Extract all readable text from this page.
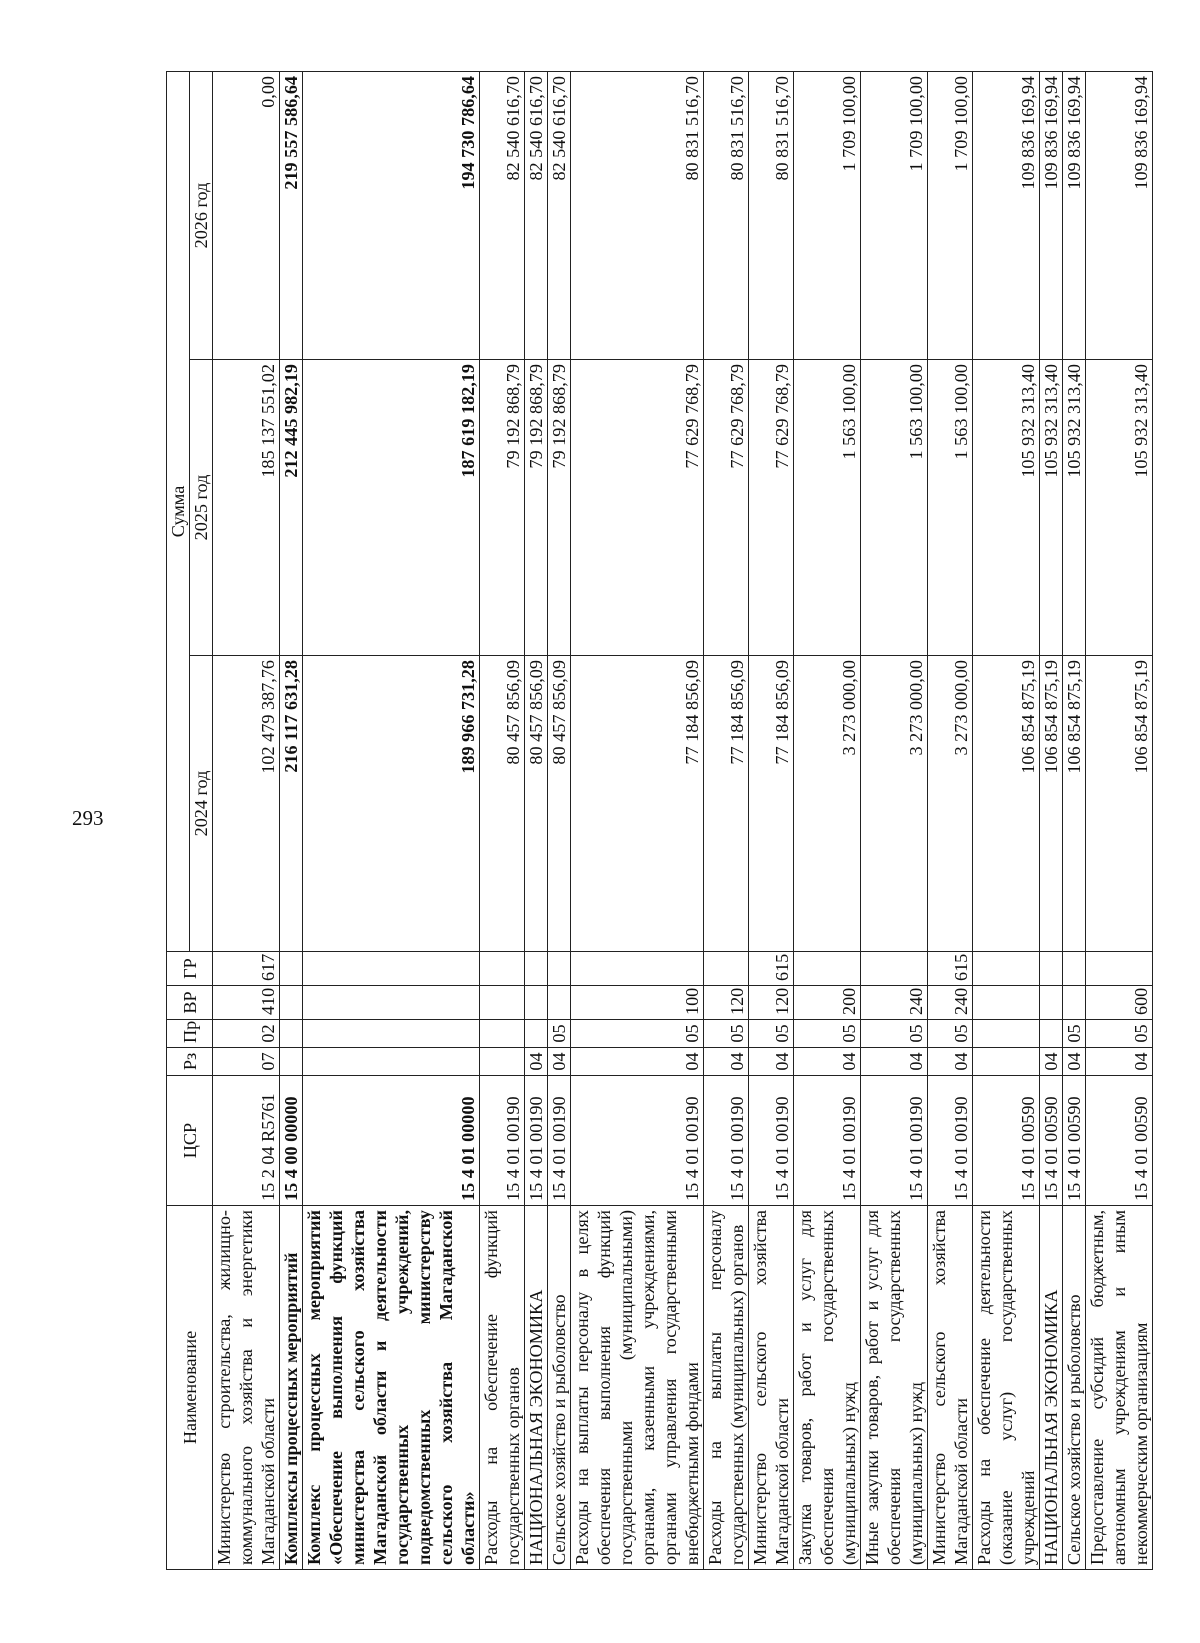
293
Наименование	ЦСР	Рз	Пр	ВР	ГР	Сумма		
						2024 год	2025 год	2026 год
Министерство строительства, жилищно-коммунального хозяйства и энергетики Магаданской области	15 2 04 R5761	07	02	410	617	102 479 387,76	185 137 551,02	0,00
Комплексы процессных мероприятий	15 4 00 00000					216 117 631,28	212 445 982,19	219 557 586,64
Комплекс процессных мероприятий «Обеспечение выполнения функций министерства сельского хозяйства Магаданской области и деятельности государственных учреждений, подведомственных министерству сельского хозяйства Магаданской области»	15 4 01 00000					189 966 731,28	187 619 182,19	194 730 786,64
Расходы на обеспечение функций государственных органов	15 4 01 00190					80 457 856,09	79 192 868,79	82 540 616,70
НАЦИОНАЛЬНАЯ ЭКОНОМИКА	15 4 01 00190	04				80 457 856,09	79 192 868,79	82 540 616,70
Сельское хозяйство и рыболовство	15 4 01 00190	04	05			80 457 856,09	79 192 868,79	82 540 616,70
Расходы на выплаты персоналу в целях обеспечения выполнения функций государственными (муниципальными) органами, казенными учреждениями, органами управления государственными внебюджетными фондами	15 4 01 00190	04	05	100		77 184 856,09	77 629 768,79	80 831 516,70
Расходы на выплаты персоналу государственных (муниципальных) органов	15 4 01 00190	04	05	120		77 184 856,09	77 629 768,79	80 831 516,70
Министерство сельского хозяйства Магаданской области	15 4 01 00190	04	05	120	615	77 184 856,09	77 629 768,79	80 831 516,70
Закупка товаров, работ и услуг для обеспечения государственных (муниципальных) нужд	15 4 01 00190	04	05	200		3 273 000,00	1 563 100,00	1 709 100,00
Иные закупки товаров, работ и услуг для обеспечения государственных (муниципальных) нужд	15 4 01 00190	04	05	240		3 273 000,00	1 563 100,00	1 709 100,00
Министерство сельского хозяйства Магаданской области	15 4 01 00190	04	05	240	615	3 273 000,00	1 563 100,00	1 709 100,00
Расходы на обеспечение деятельности (оказание услуг) государственных учреждений	15 4 01 00590					106 854 875,19	105 932 313,40	109 836 169,94
НАЦИОНАЛЬНАЯ ЭКОНОМИКА	15 4 01 00590	04				106 854 875,19	105 932 313,40	109 836 169,94
Сельское хозяйство и рыболовство	15 4 01 00590	04	05			106 854 875,19	105 932 313,40	109 836 169,94
Предоставление субсидий бюджетным, автономным учреждениям и иным некоммерческим организациям	15 4 01 00590	04	05	600		106 854 875,19	105 932 313,40	109 836 169,94
